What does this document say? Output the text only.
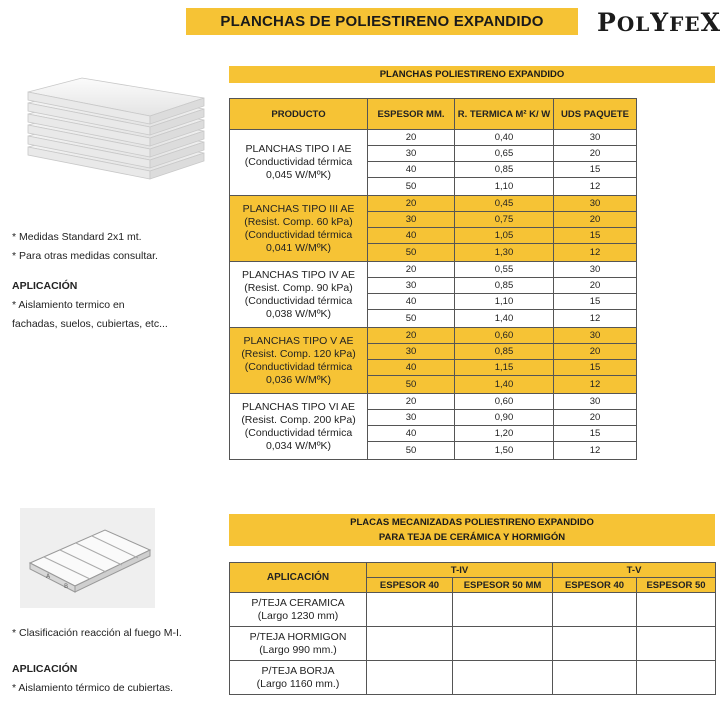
PLANCHAS DE POLIESTIRENO EXPANDIDO	POLYFEX
A
B
* Medidas Standard 2x1 mt.
* Para otras medidas consultar.
APLICACIÓN
* Aislamiento termico en
fachadas, suelos, cubiertas, etc...
* Clasificación reacción al fuego M-I.
APLICACIÓN
* Aislamiento térmico de cubiertas.
PLANCHAS POLIESTIRENO EXPANDIDO
PRODUCTO	ESPESOR MM.	R. TERMICA M² K/ W	UDS PAQUETE

PLANCHAS TIPO I AE
(Conductividad térmica
0,045 W/MºK)	20	0,40	30
	30	0,65	20
	40	0,85	15
	50	1,10	12

PLANCHAS TIPO III AE
(Resist. Comp. 60 kPa)
(Conductividad térmica
0,041 W/MºK)	20	0,45	30
	30	0,75	20
	40	1,05	15
	50	1,30	12

PLANCHAS TIPO IV AE
(Resist. Comp. 90 kPa)
(Conductividad térmica
0,038 W/MºK)	20	0,55	30
	30	0,85	20
	40	1,10	15
	50	1,40	12

PLANCHAS TIPO V AE
(Resist. Comp. 120 kPa)
(Conductividad térmica
0,036 W/MºK)	20	0,60	30
	30	0,85	20
	40	1,15	15
	50	1,40	12

PLANCHAS TIPO VI AE
(Resist. Comp. 200 kPa)
(Conductividad térmica
0,034 W/MºK)	20	0,60	30
	30	0,90	20
	40	1,20	15
	50	1,50	12
PLACAS MECANIZADAS POLIESTIRENO EXPANDIDO
PARA TEJA DE CERÁMICA Y HORMIGÓN
APLICACIÓN	T-IV		T-V	
	ESPESOR 40	ESPESOR 50 MM	ESPESOR 40	ESPESOR 50

P/TEJA CERAMICA
(Largo 1230 mm)				

P/TEJA HORMIGON
(Largo 990 mm.)				

P/TEJA BORJA
(Largo 1160 mm.)				
